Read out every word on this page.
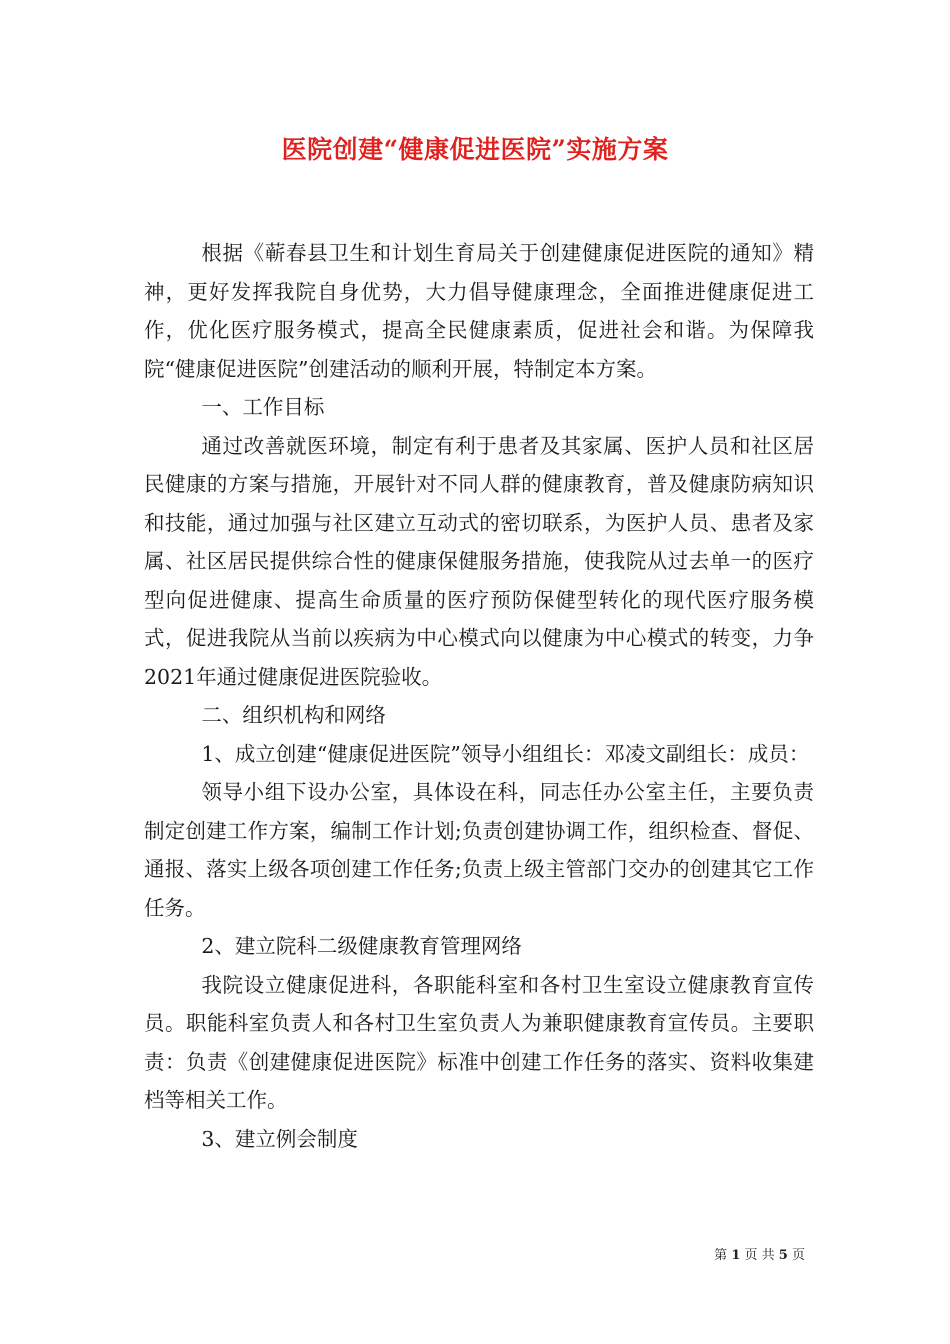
医院创建“健康促进医院”实施方案

根据《蕲春县卫生和计划生育局关于创建健康促进医院的通知》精神，更好发挥我院自身优势，大力倡导健康理念，全面推进健康促进工作，优化医疗服务模式，提高全民健康素质，促进社会和谐。为保障我院“健康促进医院”创建活动的顺利开展，特制定本方案。

一、工作目标

通过改善就医环境，制定有利于患者及其家属、医护人员和社区居民健康的方案与措施，开展针对不同人群的健康教育，普及健康防病知识和技能，通过加强与社区建立互动式的密切联系，为医护人员、患者及家属、社区居民提供综合性的健康保健服务措施，使我院从过去单一的医疗型向促进健康、提高生命质量的医疗预防保健型转化的现代医疗服务模式，促进我院从当前以疾病为中心模式向以健康为中心模式的转变，力争2021年通过健康促进医院验收。

二、组织机构和网络

1、成立创建“健康促进医院”领导小组组长：邓凌文副组长：成员：

领导小组下设办公室，具体设在科，同志任办公室主任，主要负责制定创建工作方案，编制工作计划;负责创建协调工作，组织检查、督促、通报、落实上级各项创建工作任务;负责上级主管部门交办的创建其它工作任务。

2、建立院科二级健康教育管理网络

我院设立健康促进科，各职能科室和各村卫生室设立健康教育宣传员。职能科室负责人和各村卫生室负责人为兼职健康教育宣传员。主要职责：负责《创建健康促进医院》标准中创建工作任务的落实、资料收集建档等相关工作。

3、建立例会制度

第 1 页 共 5 页
